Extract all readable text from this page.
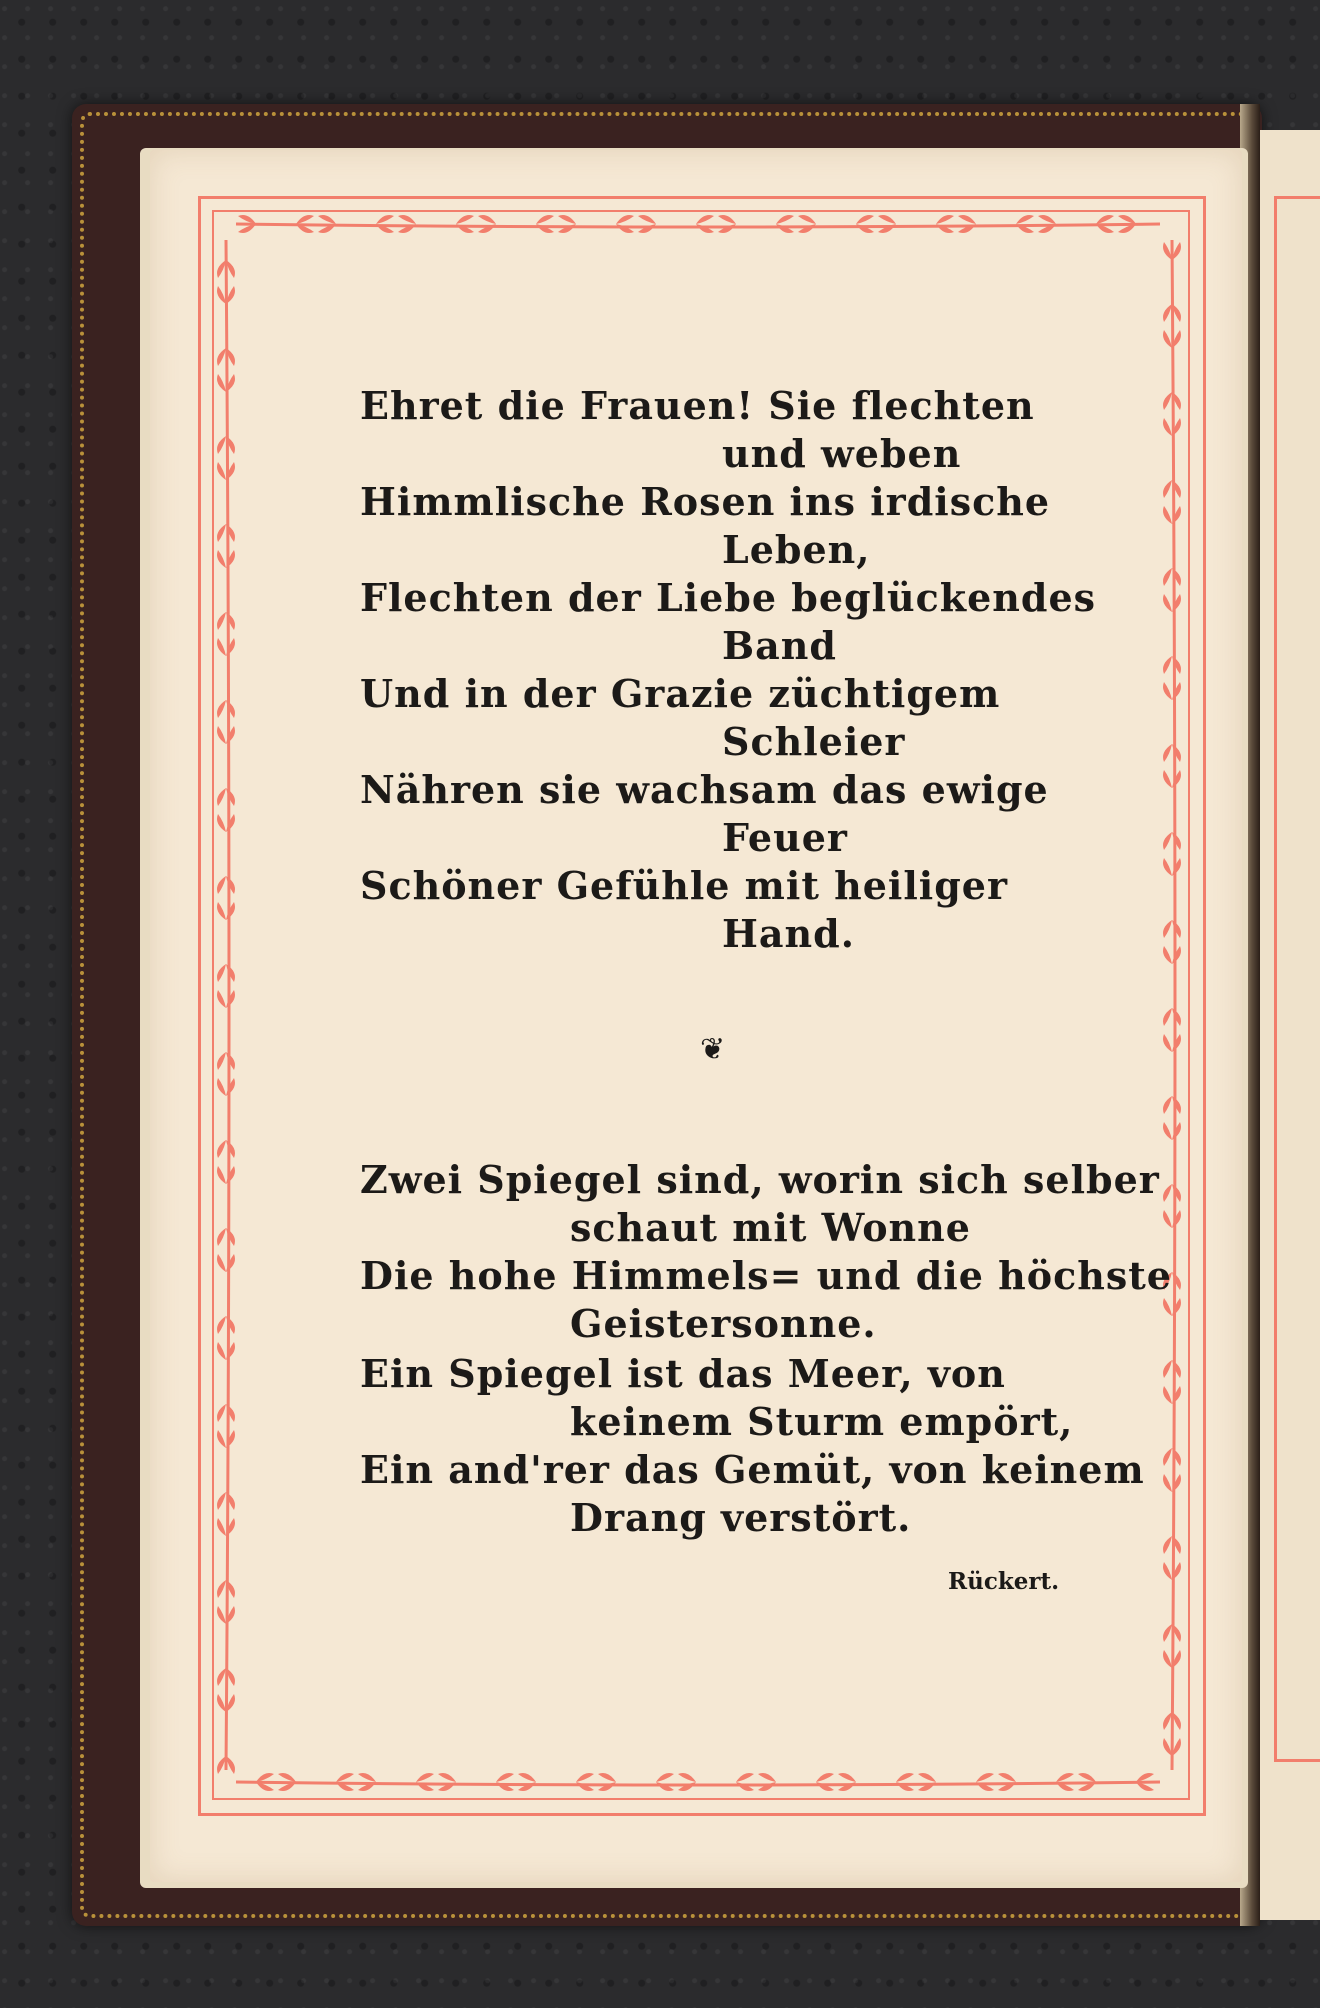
Ehret die Frauen! Sie flechten
und weben
Himmlische Rosen ins irdische
Leben,
Flechten der Liebe beglückendes
Band
Und in der Grazie züchtigem
Schleier
Nähren sie wachsam das ewige
Feuer
Schöner Gefühle mit heiliger
Hand.
❦
Zwei Spiegel sind, worin sich selber
schaut mit Wonne
Die hohe Himmels= und die höchste
Geistersonne.
Ein Spiegel ist das Meer, von
keinem Sturm empört,
Ein and'rer das Gemüt, von keinem
Drang verstört.
Rückert.
